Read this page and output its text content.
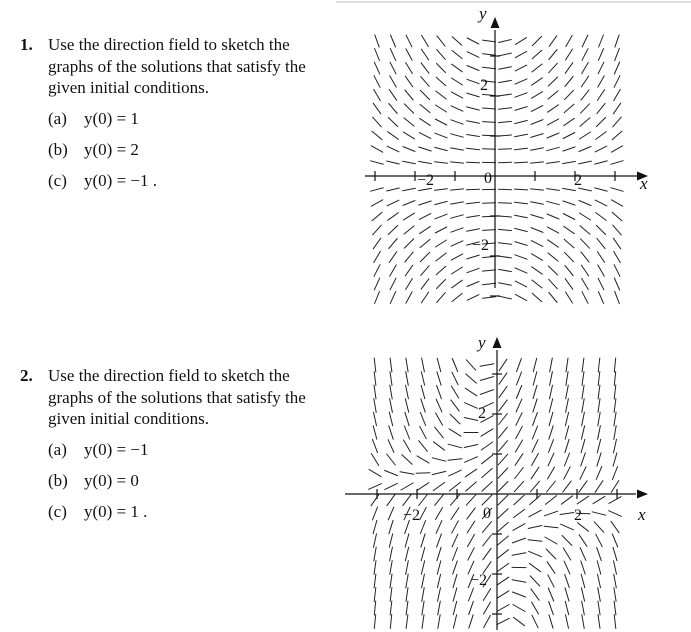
1. Use the direction field to sketch the graphs of the solutions that satisfy the given initial conditions.
(a)	y(0) = 1
(b) y(0) = 2
(c)	y(0) = −1 .
2. Use the direction field to sketch the graphs of the solutions that satisfy the given initial conditions.
(a)	y(0) = −1
(b) y(0) = 0
(c)	y(0) = 1 .
x
y
0
−2	2
2
−2
x
y
0
−2	2
2
−2
